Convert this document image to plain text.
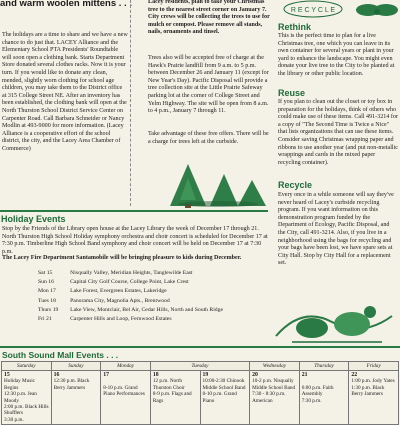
and warm woolen mittens . . .
The holidays are a time to share and we have a new chance to do just that. LACEY Alliance and the Elementary School PTA Presidents' Roundtable will soon open a clothing bank. Starts Department Store donated several clothes racks. Now it is your turn. If you would like to donate any clean, mended, slightly worn clothing for school age children, you may take them to the District office at 315 College Street NE. After an inventory has been established, the clothing bank will open at the North Thurston School District Service Center on Carpenter Road. Call Barbara Schneider or Nancy Modlin at 493-9000 for more information. (Lacey Alliance is a cooperative effort of the school district, the city, and the Lacey Area Chamber of Commerce)
Lacey residents, plan to take your Christmas tree to the nearest street corner on January 7. City crews will be collecting the trees to use for mulch or compost. Please remove all stands, nails, ornaments and tinsel.
Trees also will be accepted free of charge at the Hawk's Prairie landfill from 9 a.m. to 5 p.m. between December 26 and January 11 (except for New Year's Day). Pacific Disposal will provide a tree collection site at the Little Prairie Safeway parking lot at the corner of College Street and Yelm Highway. The site will be open from 8 a.m. to 4 p.m., January 7 through 11.
Take advantage of these free offers. There will be a charge for trees left at the curbside.
R E C Y C L E
Rethink
This is the perfect time to plan for a live Christmas tree, one which you can leave in its own container for several years or plant in your yard to enhance the landscape. You might even donate your live tree to the City to be planted at the library or other public location.
Reuse
If you plan to clean out the closet or toy box in preparation for the holidays, think of others who could make use of these items. Call 491-3214 for a copy of "The Second Time is Twice a Nice" that lists organizations that can use these items. Consider saving Christmas wrapping paper and ribbons to use another year (and put non-metallic wrappings and cards in the mixed paper recycling container).
Recycle
Every once in a while someone will say they've never heard of Lacey's curbside recycling program. If you want information on this demonstration program funded by the Department of Ecology, Pacific Disposal, and the City, call 491-3214. Also, if you live in a neighborhood using the bags for recycling and your bags have been lost, we have spare sets at City Hall. Stop by City Hall for a replacement set.
Holiday Events
Stop by the Friends of the Library open house at the Lacey Library the week of December 17 through 21. North Thurston High School Holiday symphony orchestra and choir concert is scheduled for December 17 at 7:30 p.m. Timberline High School Band symphony and choir concert will be held on December 17 at 7:30 p.m.
The Lacey Fire Department Santamobile will be bringing pleasure to kids during December.
Sat 15	Nisqually Valley, Meridian Heights, Tanglewilde East
Sun 16	Capital City Golf Course, College Point, Lake Crest
Mon 17	Lake Forest, Evergreen Estates, Lakeridge
Tues 18	Panorama City, Magnolia Apts., Brentwood
Thurs 19	Lake View, Montclair, Bel Air, Cedar Hills, North and South Ridge
Fri 21	Carpenter Hills and Loop, Fernwood Estates
South Sound Mall Events . . .
Saturday	Sunday	Monday	Tuesday		Wednesday	Thursday	Friday

15
Holiday Music Begins
12:30 p.m. Jean Moody
2:00 p.m. Black Hills Shufflers
3:30 p.m.	16
12:30 p.m. Black Berry Jammers	17

8-10 p.m. Grand Piano Performances	18
12 p.m. North Thurston Choir
8-9 p.m. Flags and Rags	19
10:00-2:30 Chinook Middle School Band
8-10 p.m. Grand Piano	20
10-2 p.m. Nisqually Middle School Band
7:30 - 8:30 p.m. American	21

6:00 p.m. Faith Assembly
7:30 p.m.	22
1:00 p.m. Jody Yates
1:30 p.m. Black Berry Jammers
